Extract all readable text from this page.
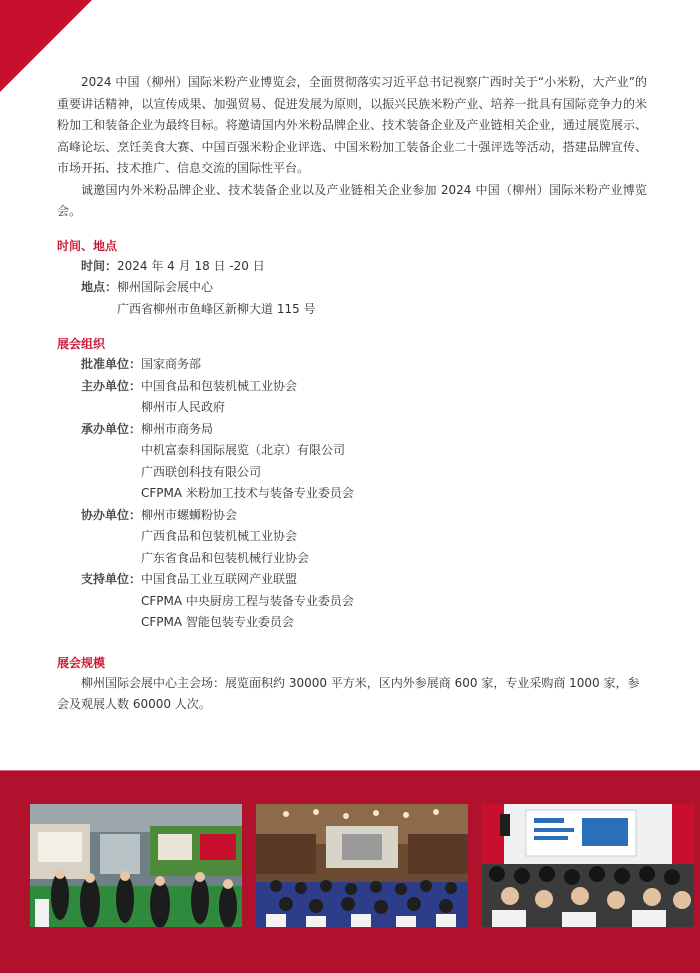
2024 中国（柳州）国际米粉产业博览会，全面贯彻落实习近平总书记视察广西时关于“小米粉，大产业”的重要讲话精神，以宣传成果、加强贸易、促进发展为原则，以振兴民族米粉产业、培养一批具有国际竞争力的米粉加工和装备企业为最终目标。将邀请国内外米粉品牌企业、技术装备企业及产业链相关企业，通过展览展示、高峰论坛、烹饪美食大赛、中国百强米粉企业评选、中国米粉加工装备企业二十强评选等活动，搭建品牌宣传、市场开拓、技术推广、信息交流的国际性平台。

诚邀国内外米粉品牌企业、技术装备企业以及产业链相关企业参加 2024 中国（柳州）国际米粉产业博览会。

时间、地点
时间： 2024 年 4 月 18 日 -20 日
地点： 柳州国际会展中心
广西省柳州市鱼峰区新柳大道 115 号
展会组织
批准单位： 国家商务部
主办单位： 中国食品和包装机械工业协会
柳州市人民政府
承办单位： 柳州市商务局
中机富泰科国际展览（北京）有限公司
广西联创科技有限公司
CFPMA 米粉加工技术与装备专业委员会
协办单位： 柳州市螺蛳粉协会
广西食品和包装机械工业协会
广东省食品和包装机械行业协会
支持单位： 中国食品工业互联网产业联盟
CFPMA 中央厨房工程与装备专业委员会
CFPMA 智能包装专业委员会
展会规模

柳州国际会展中心主会场：展览面积约 30000 平方米，区内外参展商 600 家，专业采购商 1000 家，参会及观展人数 60000 人次。
